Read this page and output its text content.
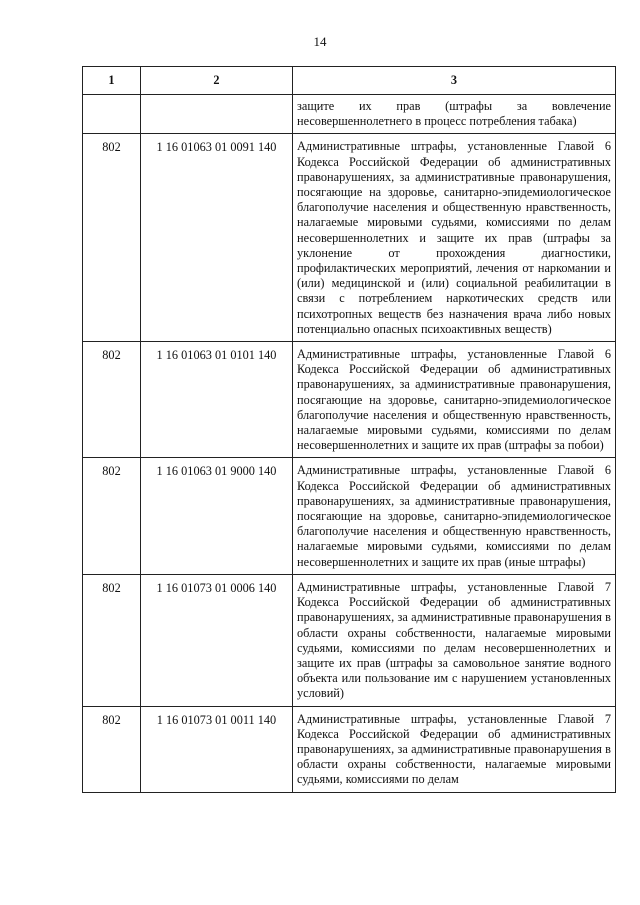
14
1	2	3
		защите их прав (штрафы за вовлечение несовершеннолетнего в процесс потребления табака)
802	1 16 01063 01 0091 140	Административные штрафы, установленные Главой 6 Кодекса Российской Федерации об административных правонарушениях, за административные правонарушения, посягающие на здоровье, санитарно-эпидемиологическое благополучие населения и общественную нравственность, налагаемые мировыми судьями, комиссиями по делам несовершеннолетних и защите их прав (штрафы за уклонение от прохождения диагностики, профилактических мероприятий, лечения от наркомании и (или) медицинской и (или) социальной реабилитации в связи с потреблением наркотических средств или психотропных веществ без назначения врача либо новых потенциально опасных психоактивных веществ)
802	1 16 01063 01 0101 140	Административные штрафы, установленные Главой 6 Кодекса Российской Федерации об административных правонарушениях, за административные правонарушения, посягающие на здоровье, санитарно-эпидемиологическое благополучие населения и общественную нравственность, налагаемые мировыми судьями, комиссиями по делам несовершеннолетних и защите их прав (штрафы за побои)
802	1 16 01063 01 9000 140	Административные штрафы, установленные Главой 6 Кодекса Российской Федерации об административных правонарушениях, за административные правонарушения, посягающие на здоровье, санитарно-эпидемиологическое благополучие населения и общественную нравственность, налагаемые мировыми судьями, комиссиями по делам несовершеннолетних и защите их прав (иные штрафы)
802	1 16 01073 01 0006 140	Административные штрафы, установленные Главой 7 Кодекса Российской Федерации об административных правонарушениях, за административные правонарушения в области охраны собственности, налагаемые мировыми судьями, комиссиями по делам несовершеннолетних и защите их прав (штрафы за самовольное занятие водного объекта или пользование им с нарушением установленных условий)
802	1 16 01073 01 0011 140	Административные штрафы, установленные Главой 7 Кодекса Российской Федерации об административных правонарушениях, за административные правонарушения в области охраны собственности, налагаемые мировыми судьями, комиссиями по делам
